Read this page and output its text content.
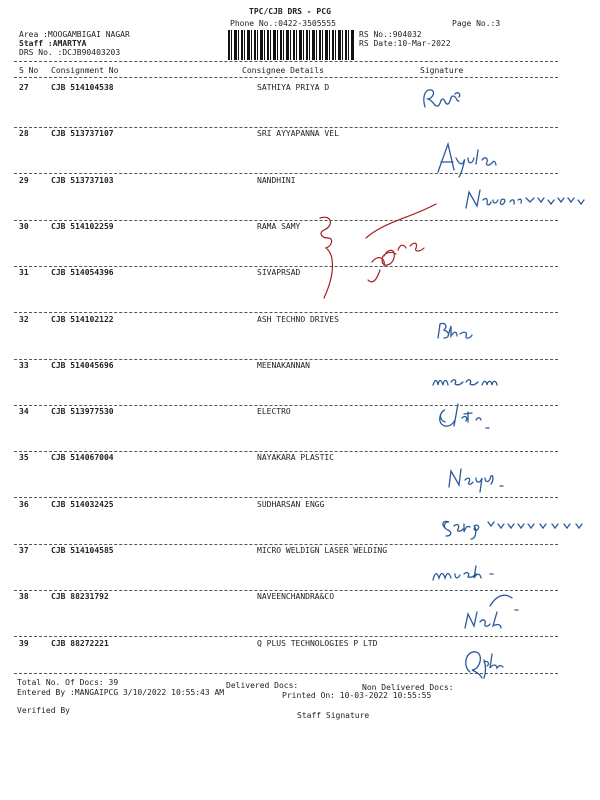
TPC/CJB DRS - PCG
Phone No.:0422-3505555	Page No.:3
Area :MOOGAMBIGAI NAGAR
Staff :AMARTYA
DRS No. :DCJB90403203
RS No.:904032
RS Date:10-Mar-2022
S No Consignment No	Consignee Details	Signature
27	CJB 514104538	SATHIYA PRIYA D
28	CJB 513737107	SRI AYYAPANNA VEL
29	CJB 513737103	NANDHINI
30	CJB 514102259	RAMA SAMY
31	CJB 514054396	SIVAPRSAD
32	CJB 514102122	ASH TECHNO DRIVES
33	CJB 514045696	MEENAKANNAN
34	CJB 513977530	ELECTRO
35	CJB 514067004	NAYAKARA PLASTIC
36	CJB 514032425	SUDHARSAN ENGG
37	CJB 514104585	MICRO WELDIGN LASER WELDING
38	CJB 88231792	NAVEENCHANDRA&CO
39	CJB 88272221	Q PLUS TECHNOLOGIES P LTD
Total No. Of Docs: 39	Delivered Docs:	Non Delivered Docs:
Entered By :MANGAIPCG 3/10/2022 10:55:43 AM	Printed On: 10-03-2022 10:55:55
Verified By
Staff Signature
